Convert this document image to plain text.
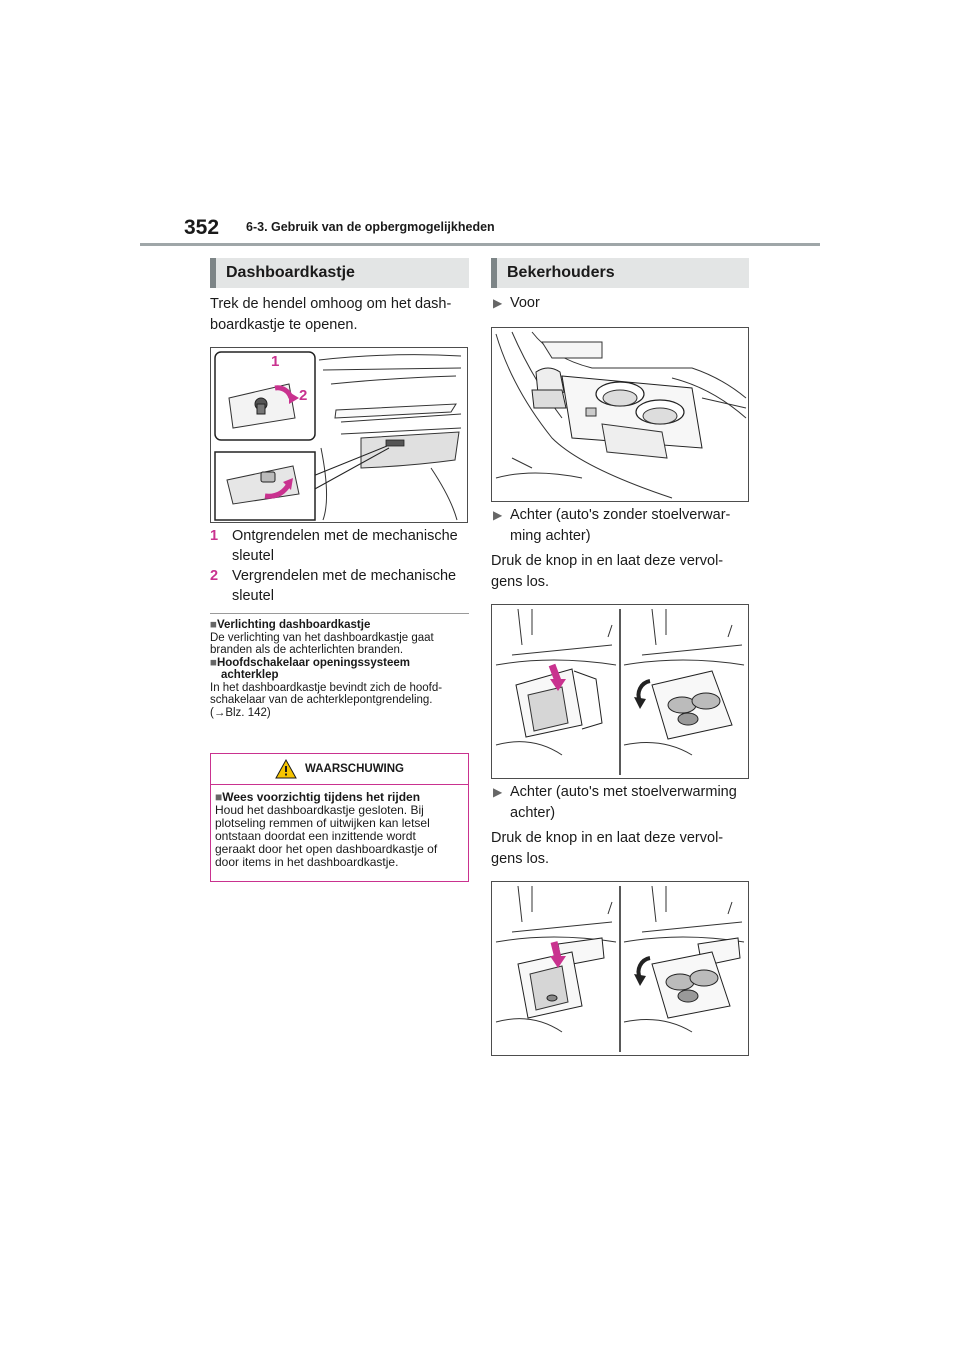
352 6-3. Gebruik van de opbergmogelijkheden
Dashboardkastje
Trek de hendel omhoog om het dash-
boardkastje te openen.
1
2
1 Ontgrendelen met de mechanische
sleutel
2 Vergrendelen met de mechanische
sleutel
■Verlichting dashboardkastje
De verlichting van het dashboardkastje gaat
branden als de achterlichten branden.
■Hoofdschakelaar openingssysteem
achterklep
In het dashboardkastje bevindt zich de hoofd-
schakelaar van de achterklepontgrendeling.
(→Blz. 142)
WAARSCHUWING
■Wees voorzichtig tijdens het rijden
Houd het dashboardkastje gesloten. Bij
plotseling remmen of uitwijken kan letsel
ontstaan doordat een inzittende wordt
geraakt door het open dashboardkastje of
door items in het dashboardkastje.
Bekerhouders
▶ Voor
▶ Achter (auto's zonder stoelverwar-
ming achter)
Druk de knop in en laat deze vervol-
gens los.
▶ Achter (auto's met stoelverwarming
achter)
Druk de knop in en laat deze vervol-
gens los.
